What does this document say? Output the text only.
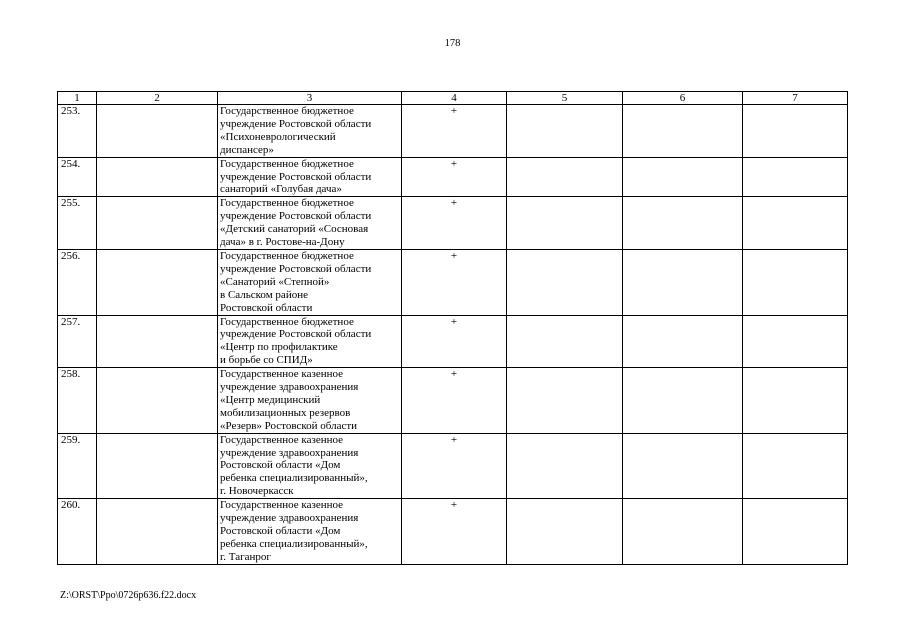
178
1	2	3	4	5	6	7
253.		Государственное бюджетное
учреждение Ростовской области
«Психоневрологический
диспансер»	+			
254.		Государственное бюджетное
учреждение Ростовской области
санаторий «Голубая дача»	+			
255.		Государственное бюджетное
учреждение Ростовской области
«Детский санаторий «Сосновая
дача» в г. Ростове-на-Дону	+			
256.		Государственное бюджетное
учреждение Ростовской области
«Санаторий «Степной»
в Сальском районе
Ростовской области	+			
257.		Государственное бюджетное
учреждение Ростовской области
«Центр по профилактике
и борьбе со СПИД»	+			
258.		Государственное казенное
учреждение здравоохранения
«Центр медицинский
мобилизационных резервов
«Резерв» Ростовской области	+			
259.		Государственное казенное
учреждение здравоохранения
Ростовской области «Дом
ребенка специализированный»,
г. Новочеркасск	+			
260.		Государственное казенное
учреждение здравоохранения
Ростовской области «Дом
ребенка специализированный»,
г. Таганрог	+			
Z:\ORST\Ppo\0726p636.f22.docx
